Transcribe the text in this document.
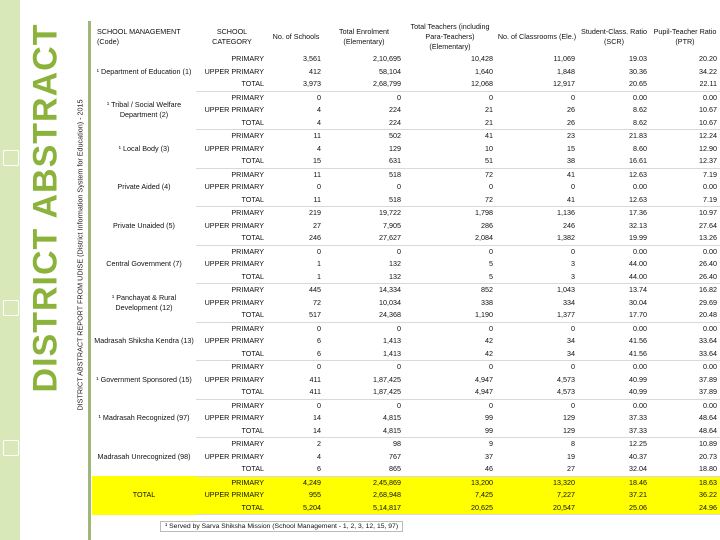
DISTRICT ABSTRACT DISTRICT ABSTRACT REPORT FROM UDISE (District Information System for Education) - 2015
SCHOOL MANAGEMENT (Code)	SCHOOL CATEGORY	No. of Schools	Total Enrolment (Elementary)	Total Teachers (including Para-Teachers) (Elementary)	No. of Classrooms (Ele.)	Student-Class. Ratio (SCR)	Pupil-Teacher Ratio (PTR)
¹ Department of Education (1)	PRIMARY	3,561	2,10,695	10,428	11,069	19.03	20.20
	UPPER PRIMARY	412	58,104	1,640	1,848	30.36	34.22
	TOTAL	3,973	2,68,799	12,068	12,917	20.65	22.11
¹ Tribal / Social Welfare Department (2)	PRIMARY	0	0	0	0	0.00	0.00
	UPPER PRIMARY	4	224	21	26	8.62	10.67
	TOTAL	4	224	21	26	8.62	10.67
¹ Local Body (3)	PRIMARY	11	502	41	23	21.83	12.24
	UPPER PRIMARY	4	129	10	15	8.60	12.90
	TOTAL	15	631	51	38	16.61	12.37
Private Aided (4)	PRIMARY	11	518	72	41	12.63	7.19
	UPPER PRIMARY	0	0	0	0	0.00	0.00
	TOTAL	11	518	72	41	12.63	7.19
Private Unaided (5)	PRIMARY	219	19,722	1,798	1,136	17.36	10.97
	UPPER PRIMARY	27	7,905	286	246	32.13	27.64
	TOTAL	246	27,627	2,084	1,382	19.99	13.26
Central Government (7)	PRIMARY	0	0	0	0	0.00	0.00
	UPPER PRIMARY	1	132	5	3	44.00	26.40
	TOTAL	1	132	5	3	44.00	26.40
¹ Panchayat & Rural Development (12)	PRIMARY	445	14,334	852	1,043	13.74	16.82
	UPPER PRIMARY	72	10,034	338	334	30.04	29.69
	TOTAL	517	24,368	1,190	1,377	17.70	20.48
Madrasah Shiksha Kendra (13)	PRIMARY	0	0	0	0	0.00	0.00
	UPPER PRIMARY	6	1,413	42	34	41.56	33.64
	TOTAL	6	1,413	42	34	41.56	33.64
¹ Government Sponsored (15)	PRIMARY	0	0	0	0	0.00	0.00
	UPPER PRIMARY	411	1,87,425	4,947	4,573	40.99	37.89
	TOTAL	411	1,87,425	4,947	4,573	40.99	37.89
¹ Madrasah Recognized (97)	PRIMARY	0	0	0	0	0.00	0.00
	UPPER PRIMARY	14	4,815	99	129	37.33	48.64
	TOTAL	14	4,815	99	129	37.33	48.64
Madrasah Unrecognized (98)	PRIMARY	2	98	9	8	12.25	10.89
	UPPER PRIMARY	4	767	37	19	40.37	20.73
	TOTAL	6	865	46	27	32.04	18.80
TOTAL	PRIMARY	4,249	2,45,869	13,200	13,320	18.46	18.63
	UPPER PRIMARY	955	2,68,948	7,425	7,227	37.21	36.22
	TOTAL	5,204	5,14,817	20,625	20,547	25.06	24.96
¹ Served by Sarva Shiksha Mission (School Management - 1, 2, 3, 12, 15, 97)
